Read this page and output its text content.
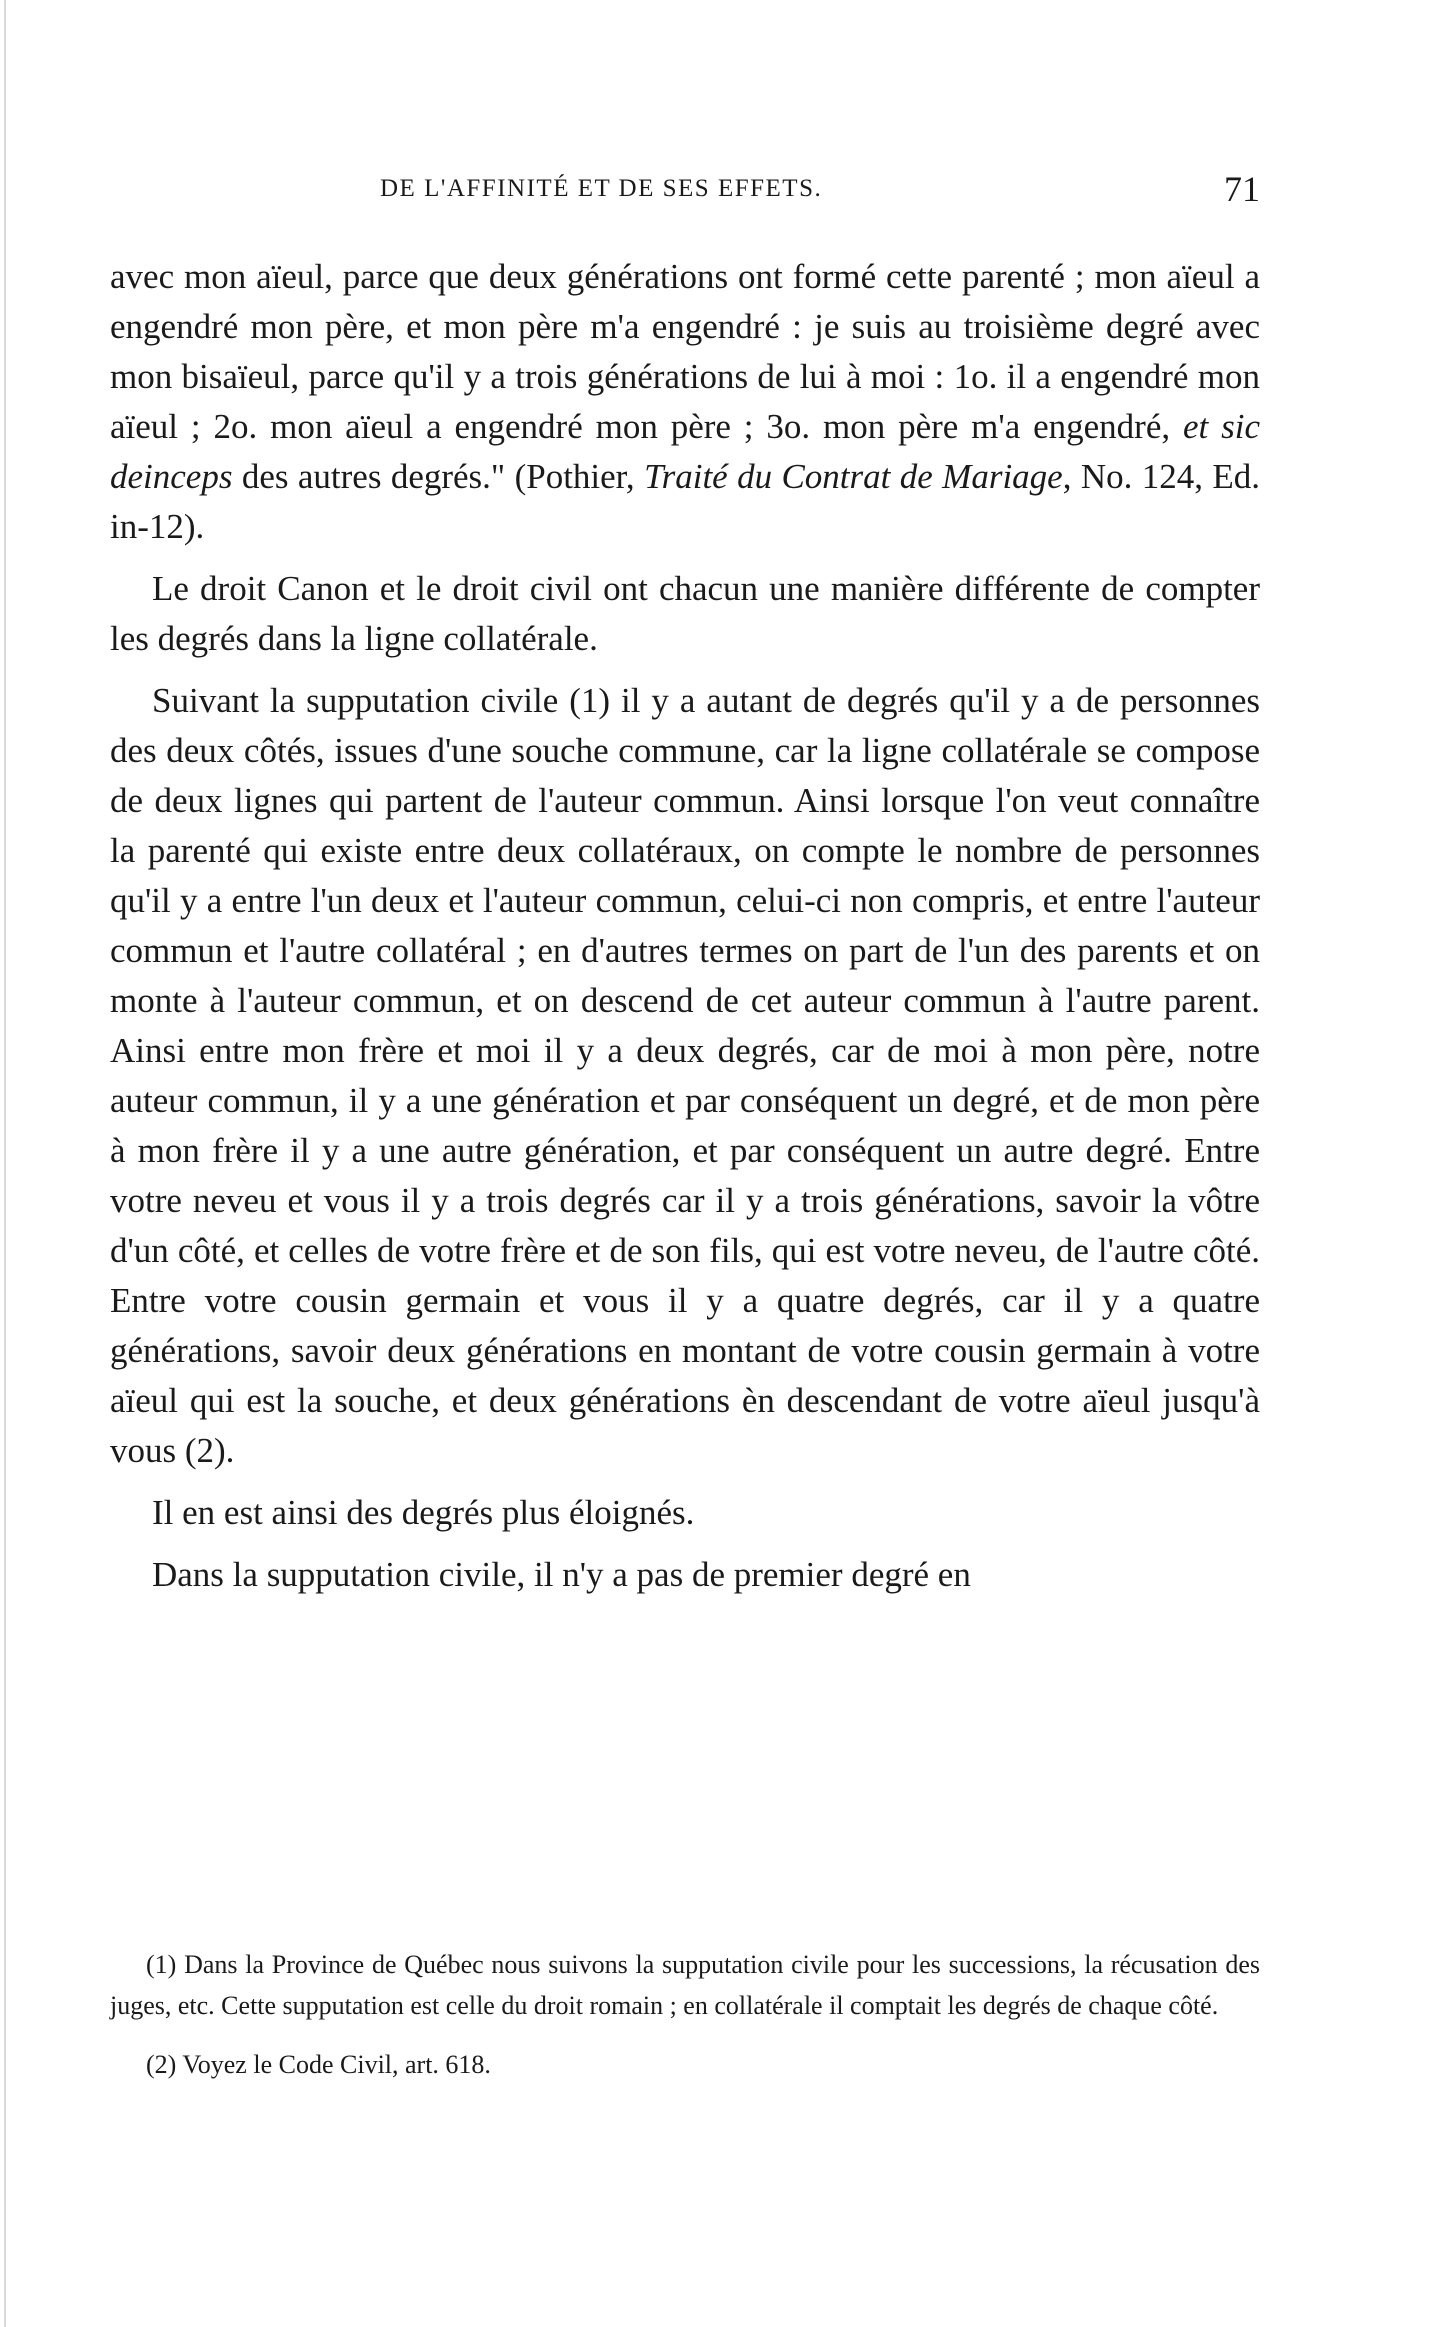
DE L'AFFINITÉ ET DE SES EFFETS.	71

avec mon aïeul, parce que deux générations ont formé cette parenté ; mon aïeul a engendré mon père, et mon père m'a engendré : je suis au troisième degré avec mon bisaïeul, parce qu'il y a trois générations de lui à moi : 1o. il a engendré mon aïeul ; 2o. mon aïeul a engendré mon père ; 3o. mon père m'a engendré, et sic deinceps des autres degrés." (Pothier, Traité du Contrat de Mariage, No. 124, Ed. in-12).

Le droit Canon et le droit civil ont chacun une manière différente de compter les degrés dans la ligne collatérale.

Suivant la supputation civile (1) il y a autant de degrés qu'il y a de personnes des deux côtés, issues d'une souche commune, car la ligne collatérale se compose de deux lignes qui partent de l'auteur commun. Ainsi lorsque l'on veut connaître la parenté qui existe entre deux collatéraux, on compte le nombre de personnes qu'il y a entre l'un deux et l'auteur commun, celui-ci non compris, et entre l'auteur commun et l'autre collatéral ; en d'autres termes on part de l'un des parents et on monte à l'auteur commun, et on descend de cet auteur commun à l'autre parent. Ainsi entre mon frère et moi il y a deux degrés, car de moi à mon père, notre auteur commun, il y a une génération et par conséquent un degré, et de mon père à mon frère il y a une autre génération, et par conséquent un autre degré. Entre votre neveu et vous il y a trois degrés car il y a trois générations, savoir la vôtre d'un côté, et celles de votre frère et de son fils, qui est votre neveu, de l'autre côté. Entre votre cousin germain et vous il y a quatre degrés, car il y a quatre générations, savoir deux générations en montant de votre cousin germain à votre aïeul qui est la souche, et deux générations èn descendant de votre aïeul jusqu'à vous (2).

Il en est ainsi des degrés plus éloignés.

Dans la supputation civile, il n'y a pas de premier degré en

(1) Dans la Province de Québec nous suivons la supputation civile pour les successions, la récusation des juges, etc. Cette supputation est celle du droit romain ; en collatérale il comptait les degrés de chaque côté.

(2) Voyez le Code Civil, art. 618.
